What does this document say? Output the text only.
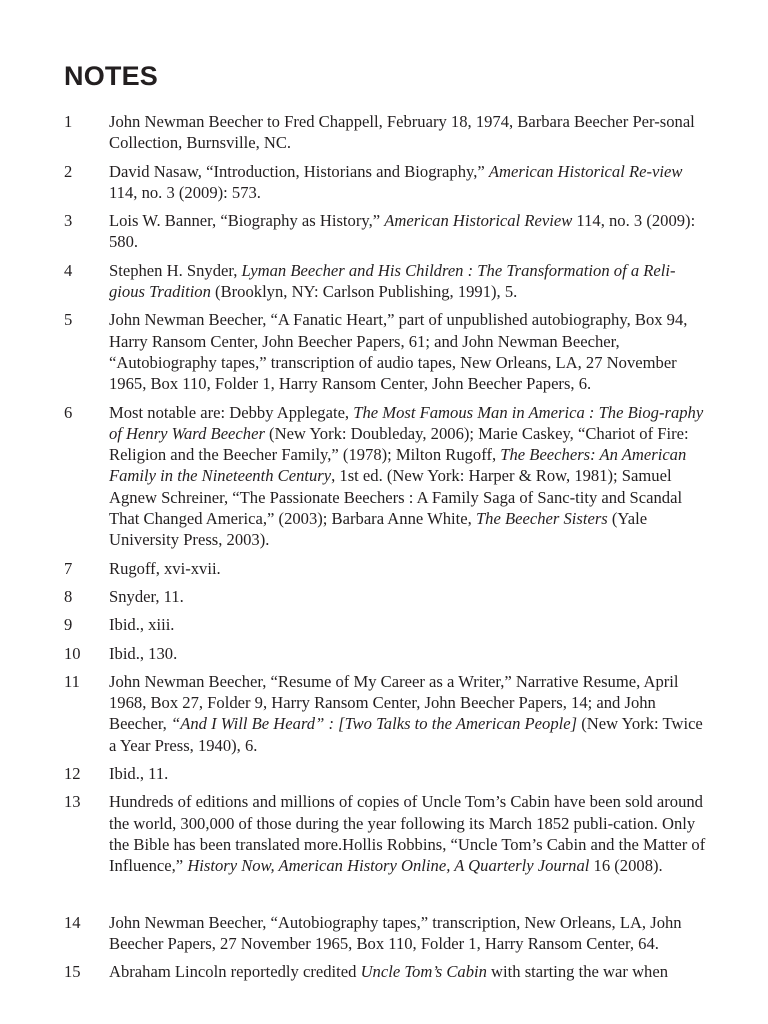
NOTES
1	John Newman Beecher to Fred Chappell, February 18, 1974, Barbara Beecher Per-sonal Collection, Burnsville, NC.
2	David Nasaw, “Introduction, Historians and Biography,” American Historical Re-view 114, no. 3 (2009): 573.
3	Lois W. Banner, “Biography as History,” American Historical Review 114, no. 3 (2009): 580.
4	Stephen H. Snyder, Lyman Beecher and His Children : The Transformation of a Reli-gious Tradition (Brooklyn, NY: Carlson Publishing, 1991), 5.
5	John Newman Beecher, “A Fanatic Heart,” part of unpublished autobiography, Box 94, Harry Ransom Center, John Beecher Papers, 61; and John Newman Beecher, “Autobiography tapes,” transcription of audio tapes, New Orleans, LA, 27 November 1965, Box 110, Folder 1, Harry Ransom Center, John Beecher Papers, 6.
6	Most notable are: Debby Applegate, The Most Famous Man in America : The Biog-raphy of Henry Ward Beecher (New York: Doubleday, 2006); Marie Caskey, “Chariot of Fire: Religion and the Beecher Family,” (1978); Milton Rugoff, The Beechers: An American Family in the Nineteenth Century, 1st ed. (New York: Harper & Row, 1981); Samuel Agnew Schreiner, “The Passionate Beechers : A Family Saga of Sanc-tity and Scandal That Changed America,” (2003); Barbara Anne White, The Beecher Sisters (Yale University Press, 2003).
7	Rugoff, xvi-xvii.
8	Snyder, 11.
9	Ibid., xiii.
10	Ibid., 130.
11	John Newman Beecher, “Resume of My Career as a Writer,” Narrative Resume, April 1968, Box 27, Folder 9, Harry Ransom Center, John Beecher Papers, 14; and John Beecher, “And I Will Be Heard” : [Two Talks to the American People] (New York: Twice a Year Press, 1940), 6.
12	Ibid., 11.
13	Hundreds of editions and millions of copies of Uncle Tom’s Cabin have been sold around the world, 300,000 of those during the year following its March 1852 publi-cation. Only the Bible has been translated more.Hollis Robbins, “Uncle Tom’s Cabin and the Matter of Influence,” History Now, American History Online, A Quarterly Journal 16 (2008).
14	John Newman Beecher, “Autobiography tapes,” transcription, New Orleans, LA, John Beecher Papers, 27 November 1965, Box 110, Folder 1, Harry Ransom Center, 64.
15	Abraham Lincoln reportedly credited Uncle Tom’s Cabin with starting the war when
